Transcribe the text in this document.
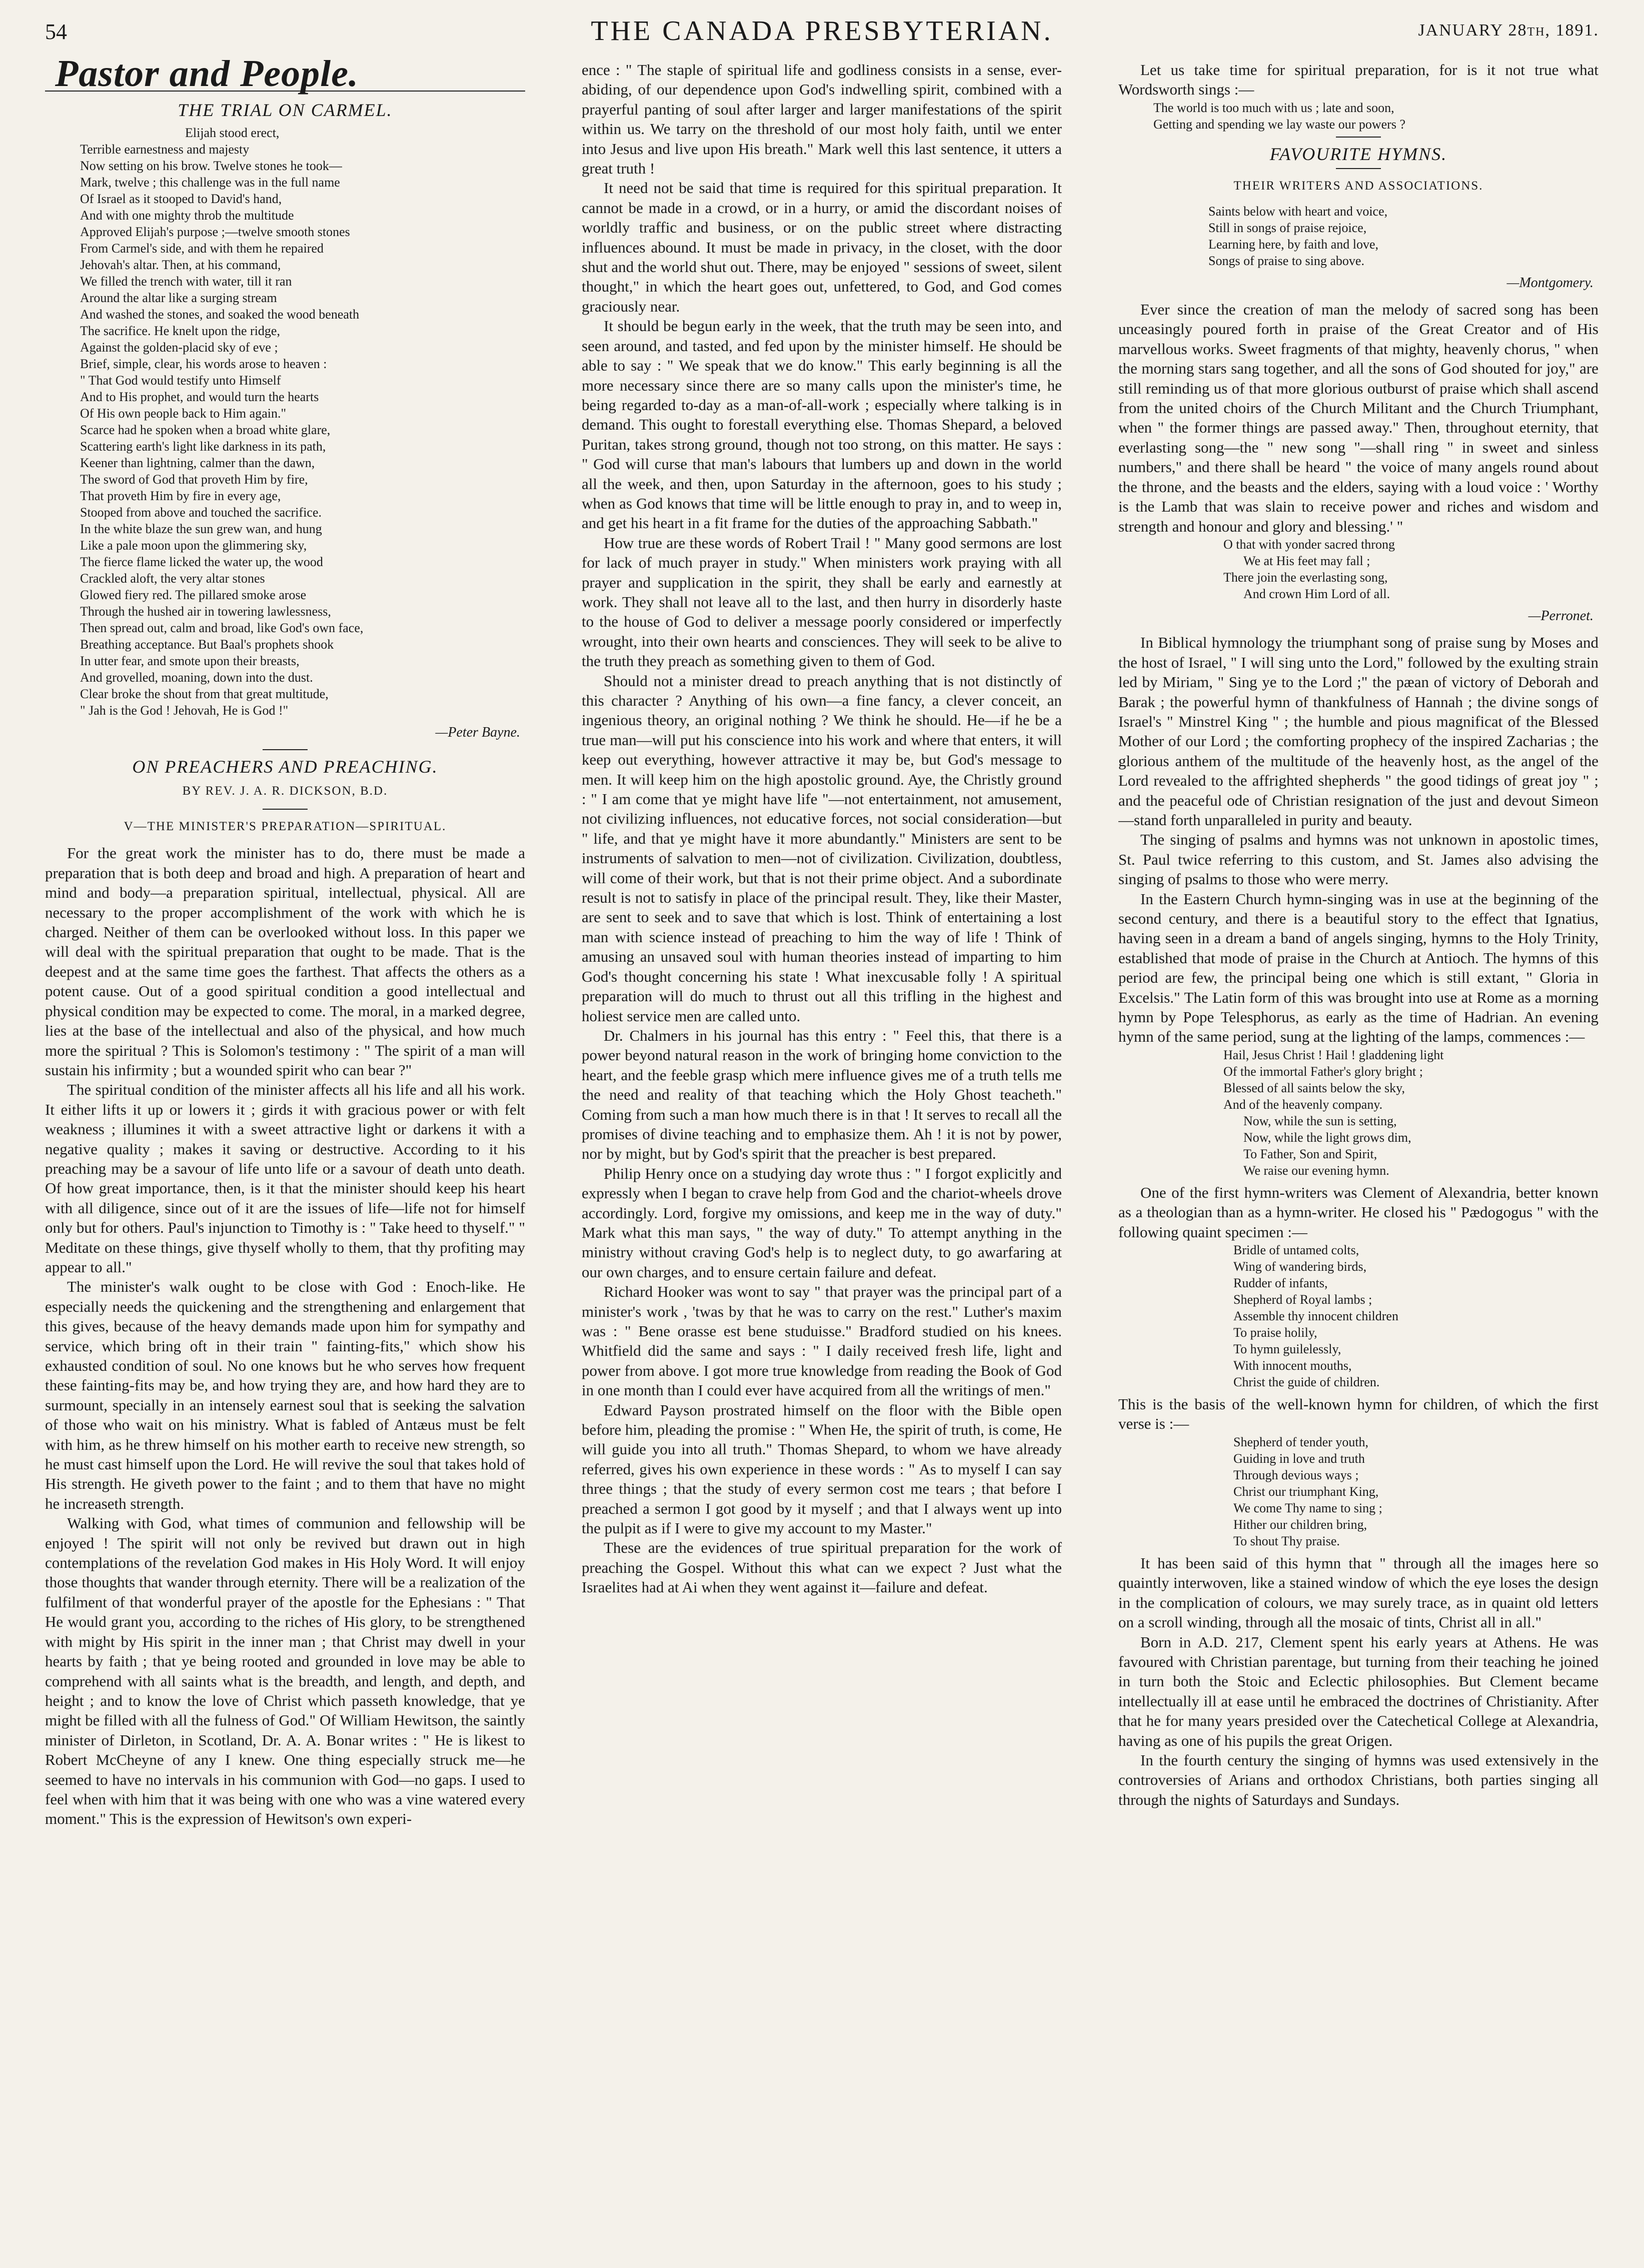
54	THE CANADA PRESBYTERIAN.	JANUARY 28th, 1891.
Pastor and People.
THE TRIAL ON CARMEL.
Elijah stood erect,
Terrible earnestness and majesty
Now setting on his brow. Twelve stones he took—
Mark, twelve ; this challenge was in the full name
Of Israel as it stooped to David's hand,
And with one mighty throb the multitude
Approved Elijah's purpose ;—twelve smooth stones
From Carmel's side, and with them he repaired
Jehovah's altar. Then, at his command,
We filled the trench with water, till it ran
Around the altar like a surging stream
And washed the stones, and soaked the wood beneath
The sacrifice. He knelt upon the ridge,
Against the golden-placid sky of eve ;
Brief, simple, clear, his words arose to heaven :
" That God would testify unto Himself
And to His prophet, and would turn the hearts
Of His own people back to Him again."
Scarce had he spoken when a broad white glare,
Scattering earth's light like darkness in its path,
Keener than lightning, calmer than the dawn,
The sword of God that proveth Him by fire,
That proveth Him by fire in every age,
Stooped from above and touched the sacrifice.
In the white blaze the sun grew wan, and hung
Like a pale moon upon the glimmering sky,
The fierce flame licked the water up, the wood
Crackled aloft, the very altar stones
Glowed fiery red. The pillared smoke arose
Through the hushed air in towering lawlessness,
Then spread out, calm and broad, like God's own face,
Breathing acceptance. But Baal's prophets shook
In utter fear, and smote upon their breasts,
And grovelled, moaning, down into the dust.
Clear broke the shout from that great multitude,
" Jah is the God ! Jehovah, He is God !"
—Peter Bayne.
ON PREACHERS AND PREACHING.
BY REV. J. A. R. DICKSON, B.D.
V—THE MINISTER'S PREPARATION—SPIRITUAL.

For the great work the minister has to do, there must be made a preparation that is both deep and broad and high. A preparation of heart and mind and body—a preparation spiritual, intellectual, physical. All are necessary to the proper accomplishment of the work with which he is charged. Neither of them can be overlooked without loss. In this paper we will deal with the spiritual preparation that ought to be made. That is the deepest and at the same time goes the farthest. That affects the others as a potent cause. Out of a good spiritual condition a good intellectual and physical condition may be expected to come. The moral, in a marked degree, lies at the base of the intellectual and also of the physical, and how much more the spiritual ? This is Solomon's testimony : " The spirit of a man will sustain his infirmity ; but a wounded spirit who can bear ?"

The spiritual condition of the minister affects all his life and all his work. It either lifts it up or lowers it ; girds it with gracious power or with felt weakness ; illumines it with a sweet attractive light or darkens it with a negative quality ; makes it saving or destructive. According to it his preaching may be a savour of life unto life or a savour of death unto death. Of how great importance, then, is it that the minister should keep his heart with all diligence, since out of it are the issues of life—life not for himself only but for others. Paul's injunction to Timothy is : " Take heed to thyself." " Meditate on these things, give thyself wholly to them, that thy profiting may appear to all."

The minister's walk ought to be close with God : Enoch-like. He especially needs the quickening and the strengthening and enlargement that this gives, because of the heavy demands made upon him for sympathy and service, which bring oft in their train " fainting-fits," which show his exhausted condition of soul. No one knows but he who serves how frequent these fainting-fits may be, and how trying they are, and how hard they are to surmount, specially in an intensely earnest soul that is seeking the salvation of those who wait on his ministry. What is fabled of Antæus must be felt with him, as he threw himself on his mother earth to receive new strength, so he must cast himself upon the Lord. He will revive the soul that takes hold of His strength. He giveth power to the faint ; and to them that have no might he increaseth strength.

Walking with God, what times of communion and fellowship will be enjoyed ! The spirit will not only be revived but drawn out in high contemplations of the revelation God makes in His Holy Word. It will enjoy those thoughts that wander through eternity. There will be a realization of the fulfilment of that wonderful prayer of the apostle for the Ephesians : " That He would grant you, according to the riches of His glory, to be strengthened with might by His spirit in the inner man ; that Christ may dwell in your hearts by faith ; that ye being rooted and grounded in love may be able to comprehend with all saints what is the breadth, and length, and depth, and height ; and to know the love of Christ which passeth knowledge, that ye might be filled with all the fulness of God." Of William Hewitson, the saintly minister of Dirleton, in Scotland, Dr. A. A. Bonar writes : " He is likest to Robert McCheyne of any I knew. One thing especially struck me—he seemed to have no intervals in his communion with God—no gaps. I used to feel when with him that it was being with one who was a vine watered every moment." This is the expression of Hewitson's own experi-

ence : " The staple of spiritual life and godliness consists in a sense, ever-abiding, of our dependence upon God's indwelling spirit, combined with a prayerful panting of soul after larger and larger manifestations of the spirit within us. We tarry on the threshold of our most holy faith, until we enter into Jesus and live upon His breath." Mark well this last sentence, it utters a great truth !

It need not be said that time is required for this spiritual preparation. It cannot be made in a crowd, or in a hurry, or amid the discordant noises of worldly traffic and business, or on the public street where distracting influences abound. It must be made in privacy, in the closet, with the door shut and the world shut out. There, may be enjoyed " sessions of sweet, silent thought," in which the heart goes out, unfettered, to God, and God comes graciously near.

It should be begun early in the week, that the truth may be seen into, and seen around, and tasted, and fed upon by the minister himself. He should be able to say : " We speak that we do know." This early beginning is all the more necessary since there are so many calls upon the minister's time, he being regarded to-day as a man-of-all-work ; especially where talking is in demand. This ought to forestall everything else. Thomas Shepard, a beloved Puritan, takes strong ground, though not too strong, on this matter. He says : " God will curse that man's labours that lumbers up and down in the world all the week, and then, upon Saturday in the afternoon, goes to his study ; when as God knows that time will be little enough to pray in, and to weep in, and get his heart in a fit frame for the duties of the approaching Sabbath."

How true are these words of Robert Trail ! " Many good sermons are lost for lack of much prayer in study." When ministers work praying with all prayer and supplication in the spirit, they shall be early and earnestly at work. They shall not leave all to the last, and then hurry in disorderly haste to the house of God to deliver a message poorly considered or imperfectly wrought, into their own hearts and consciences. They will seek to be alive to the truth they preach as something given to them of God.

Should not a minister dread to preach anything that is not distinctly of this character ? Anything of his own—a fine fancy, a clever conceit, an ingenious theory, an original nothing ? We think he should. He—if he be a true man—will put his conscience into his work and where that enters, it will keep out everything, however attractive it may be, but God's message to men. It will keep him on the high apostolic ground. Aye, the Christly ground : " I am come that ye might have life "—not entertainment, not amusement, not civilizing influences, not educative forces, not social consideration—but " life, and that ye might have it more abundantly." Ministers are sent to be instruments of salvation to men—not of civilization. Civilization, doubtless, will come of their work, but that is not their prime object. And a subordinate result is not to satisfy in place of the principal result. They, like their Master, are sent to seek and to save that which is lost. Think of entertaining a lost man with science instead of preaching to him the way of life ! Think of amusing an unsaved soul with human theories instead of imparting to him God's thought concerning his state ! What inexcusable folly ! A spiritual preparation will do much to thrust out all this trifling in the highest and holiest service men are called unto.

Dr. Chalmers in his journal has this entry : " Feel this, that there is a power beyond natural reason in the work of bringing home conviction to the heart, and the feeble grasp which mere influence gives me of a truth tells me the need and reality of that teaching which the Holy Ghost teacheth." Coming from such a man how much there is in that ! It serves to recall all the promises of divine teaching and to emphasize them. Ah ! it is not by power, nor by might, but by God's spirit that the preacher is best prepared.

Philip Henry once on a studying day wrote thus : " I forgot explicitly and expressly when I began to crave help from God and the chariot-wheels drove accordingly. Lord, forgive my omissions, and keep me in the way of duty." Mark what this man says, " the way of duty." To attempt anything in the ministry without craving God's help is to neglect duty, to go awarfaring at our own charges, and to ensure certain failure and defeat.

Richard Hooker was wont to say " that prayer was the principal part of a minister's work , 'twas by that he was to carry on the rest." Luther's maxim was : " Bene orasse est bene studuisse." Bradford studied on his knees. Whitfield did the same and says : " I daily received fresh life, light and power from above. I got more true knowledge from reading the Book of God in one month than I could ever have acquired from all the writings of men."

Edward Payson prostrated himself on the floor with the Bible open before him, pleading the promise : " When He, the spirit of truth, is come, He will guide you into all truth." Thomas Shepard, to whom we have already referred, gives his own experience in these words : " As to myself I can say three things ; that the study of every sermon cost me tears ; that before I preached a sermon I got good by it myself ; and that I always went up into the pulpit as if I were to give my account to my Master."

These are the evidences of true spiritual preparation for the work of preaching the Gospel. Without this what can we expect ? Just what the Israelites had at Ai when they went against it—failure and defeat.

Let us take time for spiritual preparation, for is it not true what Wordsworth sings :—

The world is too much with us ; late and soon,
Getting and spending we lay waste our powers ?
FAVOURITE HYMNS.
THEIR WRITERS AND ASSOCIATIONS.
Saints below with heart and voice,
Still in songs of praise rejoice,
Learning here, by faith and love,
Songs of praise to sing above.
—Montgomery.

Ever since the creation of man the melody of sacred song has been unceasingly poured forth in praise of the Great Creator and of His marvellous works. Sweet fragments of that mighty, heavenly chorus, " when the morning stars sang together, and all the sons of God shouted for joy," are still reminding us of that more glorious outburst of praise which shall ascend from the united choirs of the Church Militant and the Church Triumphant, when " the former things are passed away." Then, throughout eternity, that everlasting song—the " new song "—shall ring " in sweet and sinless numbers," and there shall be heard " the voice of many angels round about the throne, and the beasts and the elders, saying with a loud voice : ' Worthy is the Lamb that was slain to receive power and riches and wisdom and strength and honour and glory and blessing.' "

O that with yonder sacred throng
We at His feet may fall ;
There join the everlasting song,
And crown Him Lord of all.
—Perronet.

In Biblical hymnology the triumphant song of praise sung by Moses and the host of Israel, " I will sing unto the Lord," followed by the exulting strain led by Miriam, " Sing ye to the Lord ;" the pæan of victory of Deborah and Barak ; the powerful hymn of thankfulness of Hannah ; the divine songs of Israel's " Minstrel King " ; the humble and pious magnificat of the Blessed Mother of our Lord ; the comforting prophecy of the inspired Zacharias ; the glorious anthem of the multitude of the heavenly host, as the angel of the Lord revealed to the affrighted shepherds " the good tidings of great joy " ; and the peaceful ode of Christian resignation of the just and devout Simeon—stand forth unparalleled in purity and beauty.

The singing of psalms and hymns was not unknown in apostolic times, St. Paul twice referring to this custom, and St. James also advising the singing of psalms to those who were merry.

In the Eastern Church hymn-singing was in use at the beginning of the second century, and there is a beautiful story to the effect that Ignatius, having seen in a dream a band of angels singing, hymns to the Holy Trinity, established that mode of praise in the Church at Antioch. The hymns of this period are few, the principal being one which is still extant, " Gloria in Excelsis." The Latin form of this was brought into use at Rome as a morning hymn by Pope Telesphorus, as early as the time of Hadrian. An evening hymn of the same period, sung at the lighting of the lamps, commences :—

Hail, Jesus Christ ! Hail ! gladdening light
Of the immortal Father's glory bright ;
Blessed of all saints below the sky,
And of the heavenly company.
Now, while the sun is setting,
Now, while the light grows dim,
To Father, Son and Spirit,
We raise our evening hymn.

One of the first hymn-writers was Clement of Alexandria, better known as a theologian than as a hymn-writer. He closed his " Pædogogus " with the following quaint specimen :—

Bridle of untamed colts,
Wing of wandering birds,
Rudder of infants,
Shepherd of Royal lambs ;
Assemble thy innocent children
To praise holily,
To hymn guilelessly,
With innocent mouths,
Christ the guide of children.

This is the basis of the well-known hymn for children, of which the first verse is :—

Shepherd of tender youth,
Guiding in love and truth
Through devious ways ;
Christ our triumphant King,
We come Thy name to sing ;
Hither our children bring,
To shout Thy praise.

It has been said of this hymn that " through all the images here so quaintly interwoven, like a stained window of which the eye loses the design in the complication of colours, we may surely trace, as in quaint old letters on a scroll winding, through all the mosaic of tints, Christ all in all."

Born in A.D. 217, Clement spent his early years at Athens. He was favoured with Christian parentage, but turning from their teaching he joined in turn both the Stoic and Eclectic philosophies. But Clement became intellectually ill at ease until he embraced the doctrines of Christianity. After that he for many years presided over the Catechetical College at Alexandria, having as one of his pupils the great Origen.

In the fourth century the singing of hymns was used extensively in the controversies of Arians and orthodox Christians, both parties singing all through the nights of Saturdays and Sundays.
